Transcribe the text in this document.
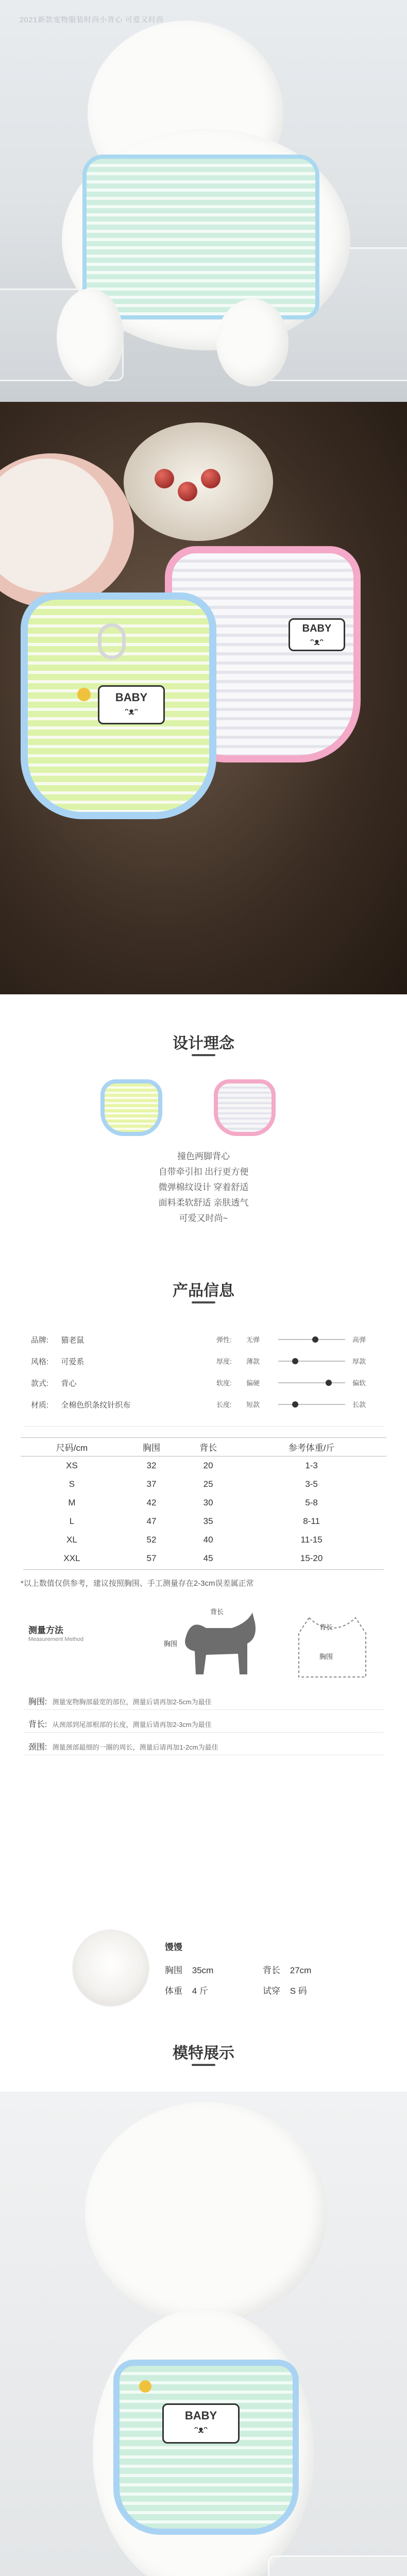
2021新款宠物服装时尚小背心 可爱又时尚
BABY
ᵔᴥᵔ
BABY
ᵔᴥᵔ
设计理念
撞色两脚背心
自带牵引扣 出行更方便
微弹棉纹设计 穿着舒适
面料柔软舒适 亲肤透气
可爱又时尚~
产品信息
品牌: 猫老鼠
风格: 可爱系
款式: 背心
材质: 全棉色织条纹针织布
弹性: 无弹	高弹
厚度: 薄款	厚款
软度: 偏硬	偏软
长度: 短款	长款
尺码/cm	胸围	背长	参考体重/斤
XS	32	20	1-3
S	37	25	3-5
M	42	30	5-8
L	47	35	8-11
XL	52	40	11-15
XXL	57	45	15-20
*以上数值仅供参考，建议按照胸围、手工测量存在2-3cm误差属正常
测量方法
Measurement Method
背长
胸围
背长
胸围
胸围: 测量宠物胸部最宽的部位，测量后请再加2-5cm为最佳
背长: 从颈部到尾部根部的长度，测量后请再加2-3cm为最佳
颈围: 测量颈部最细的一圈的周长，测量后请再加1-2cm为最佳
馒馒
胸围 35cm	背长 27cm
体重 4 斤	试穿 S 码
模特展示
BABY
ᵔᴥᵔ
